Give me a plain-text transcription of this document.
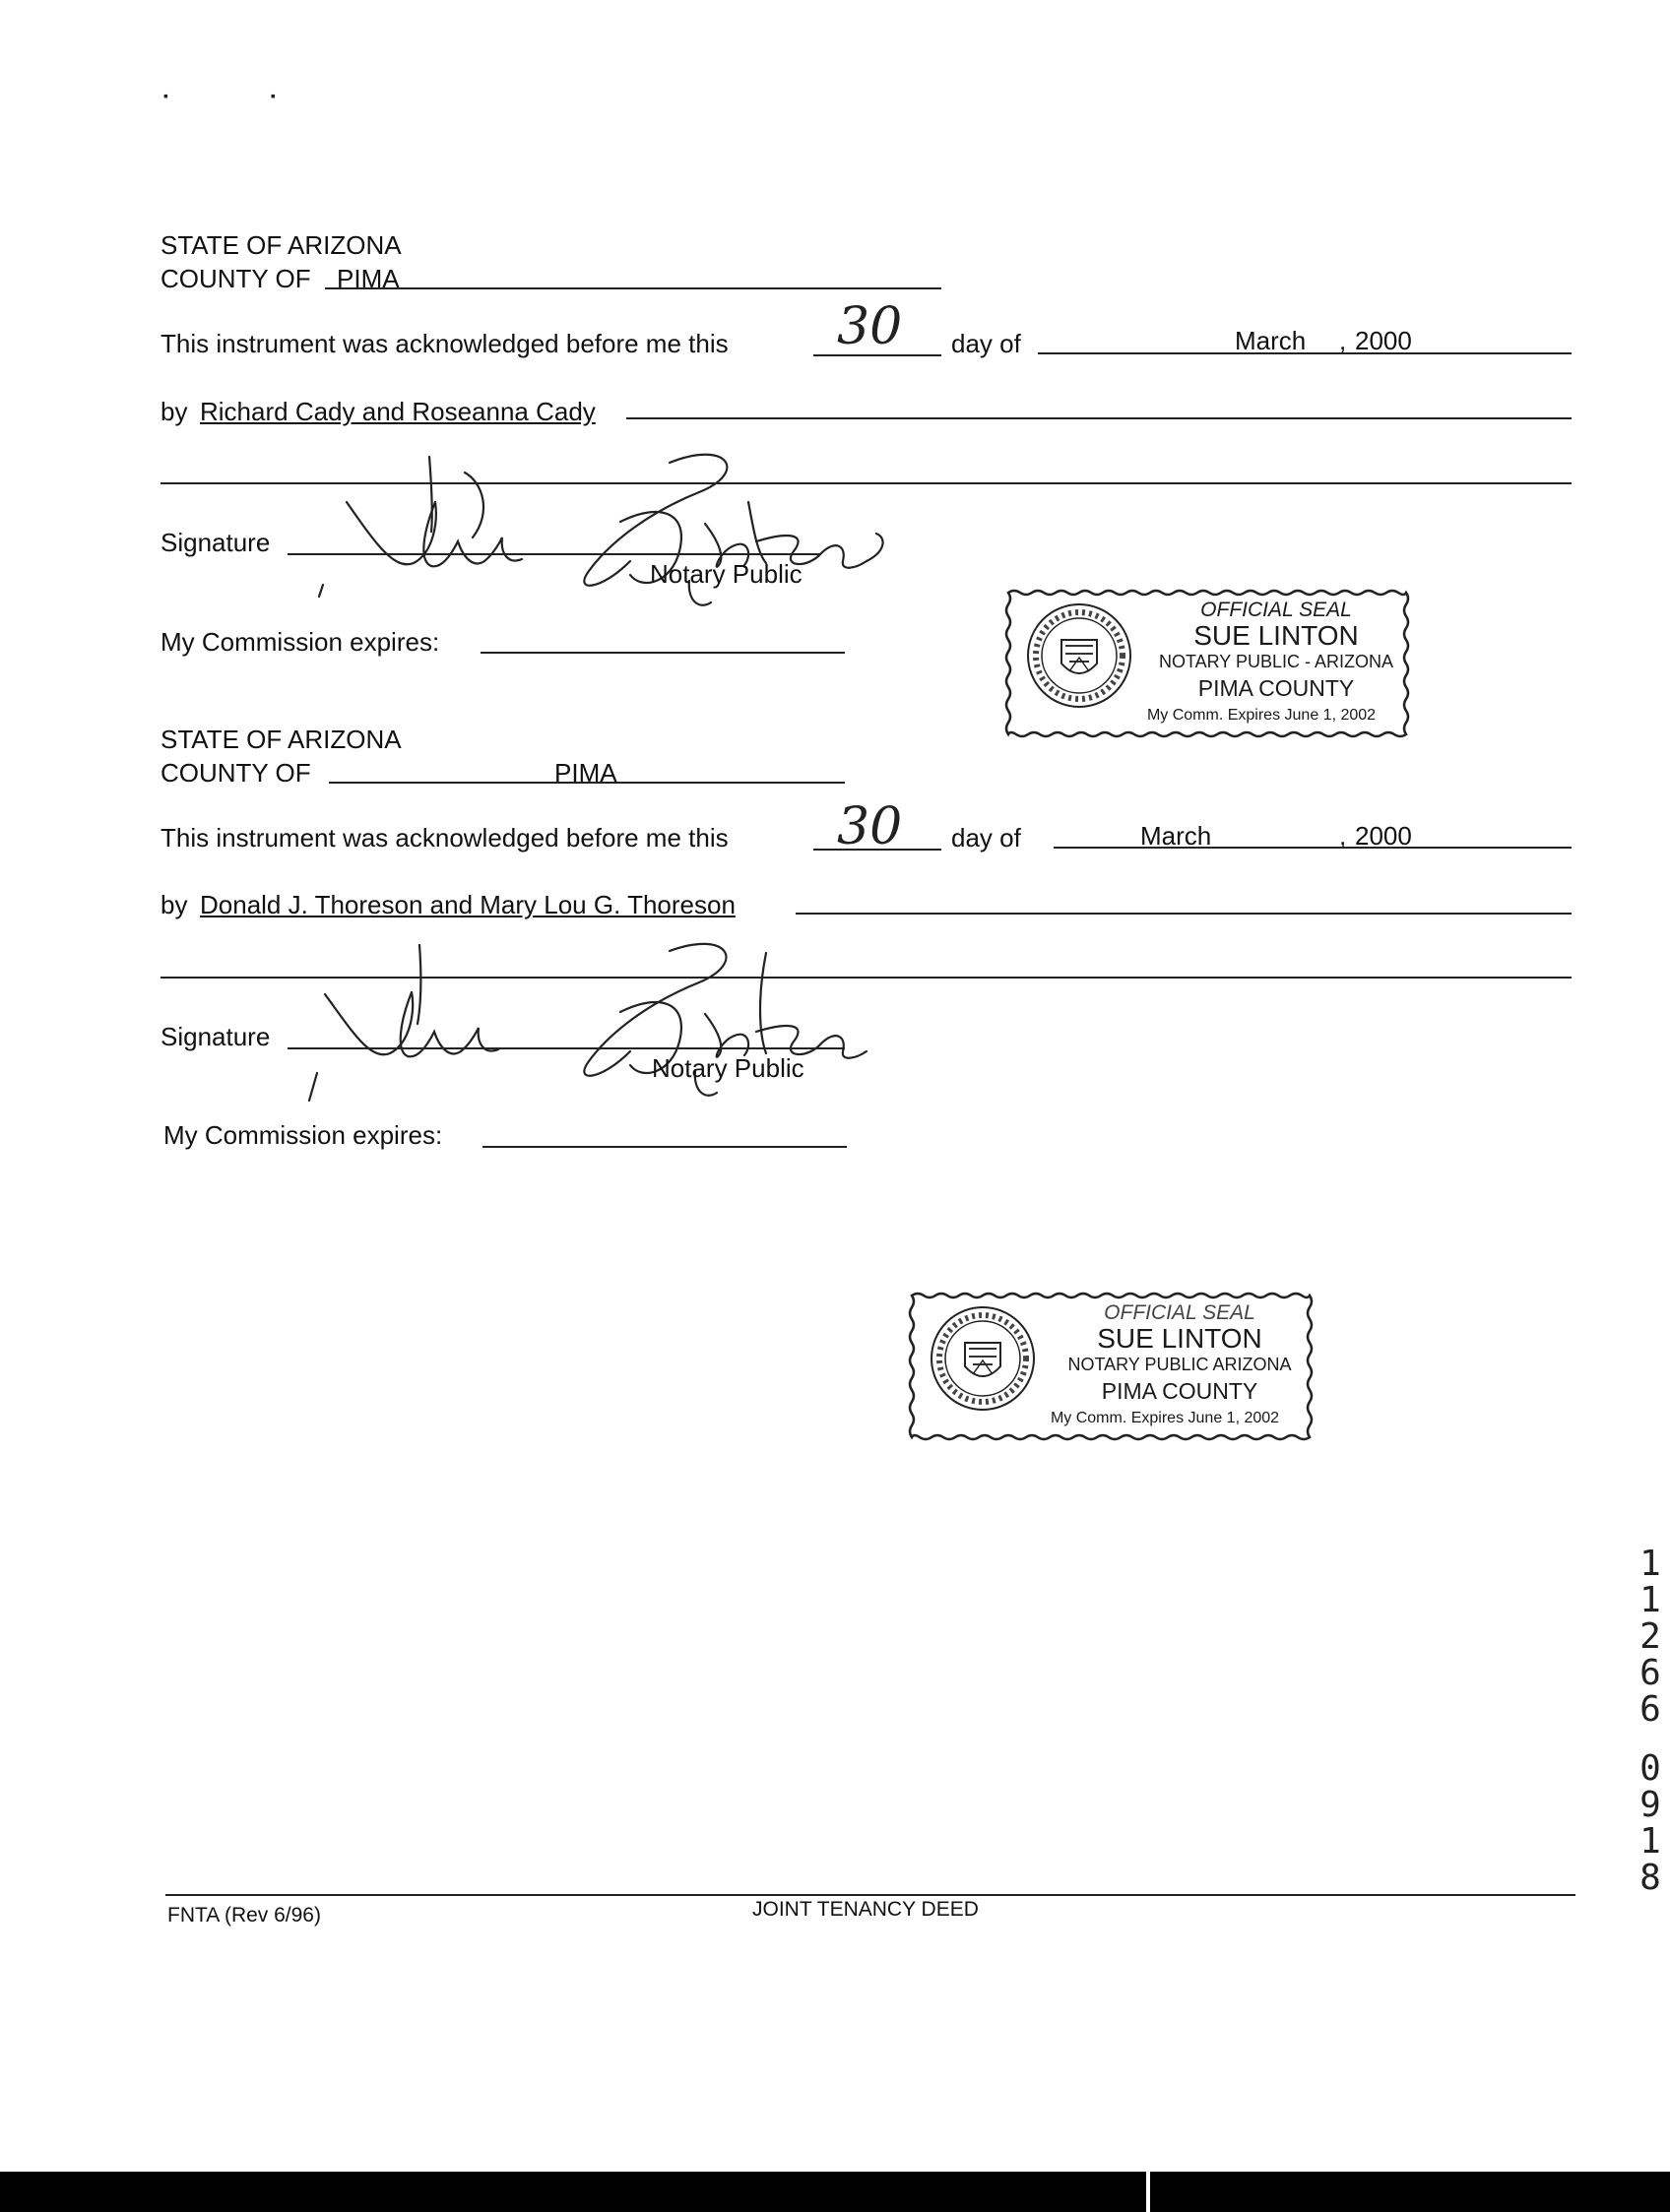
▪ ▪
STATE OF ARIZONA
COUNTY OF PIMA
This instrument was acknowledged before me this 30 day of	March , 2000
by Richard Cady and Roseanna Cady
Signature
Notary Public
My Commission expires:
OFFICIAL SEAL
SUE LINTON
NOTARY PUBLIC - ARIZONA
PIMA COUNTY
My Comm. Expires June 1, 2002
STATE OF ARIZONA
COUNTY OF	PIMA
This instrument was acknowledged before me this 30 day of	March	, 2000
by Donald J. Thoreson and Mary Lou G. Thoreson
Signature
Notary Public
My Commission expires:
OFFICIAL SEAL
SUE LINTON
NOTARY PUBLIC ARIZONA
PIMA COUNTY
My Comm. Expires June 1, 2002
1
1
2
6
6
0
9
1
8
FNTA (Rev 6/96)	JOINT TENANCY DEED
